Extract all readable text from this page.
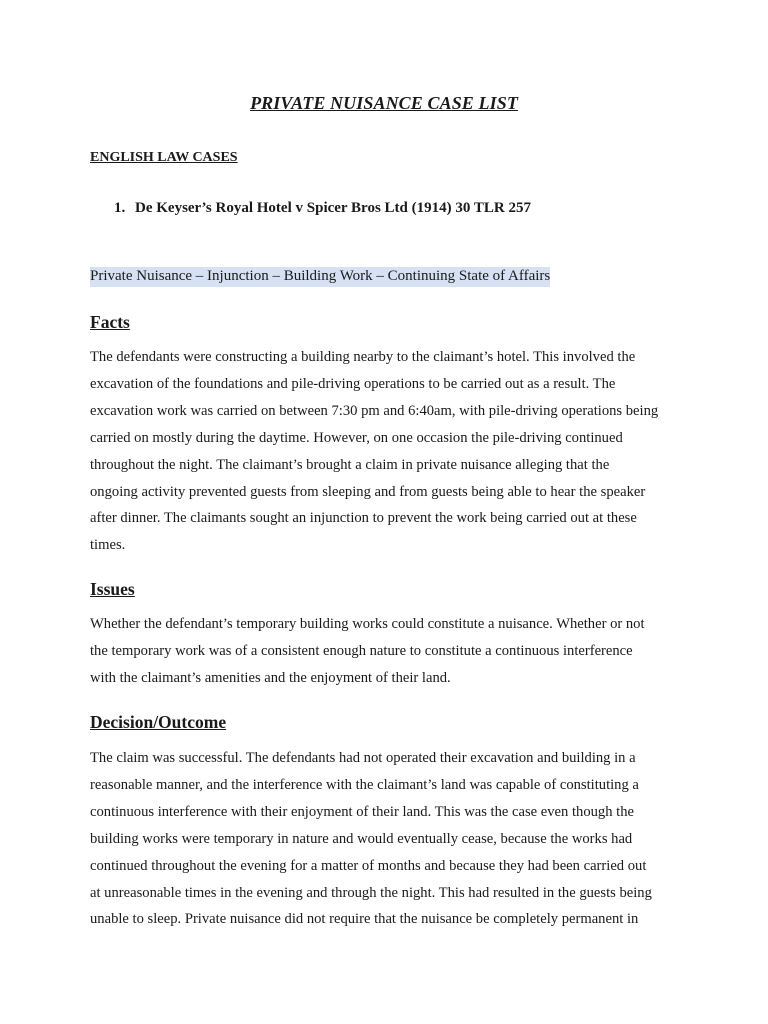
PRIVATE NUISANCE CASE LIST

ENGLISH LAW CASES

1. De Keyser’s Royal Hotel v Spicer Bros Ltd (1914) 30 TLR 257

Private Nuisance – Injunction – Building Work – Continuing State of Affairs

Facts
The defendants were constructing a building nearby to the claimant’s hotel. This involved the
excavation of the foundations and pile-driving operations to be carried out as a result. The
excavation work was carried on between 7:30 pm and 6:40am, with pile-driving operations being
carried on mostly during the daytime. However, on one occasion the pile-driving continued
throughout the night. The claimant’s brought a claim in private nuisance alleging that the
ongoing activity prevented guests from sleeping and from guests being able to hear the speaker
after dinner. The claimants sought an injunction to prevent the work being carried out at these
times.
Issues
Whether the defendant’s temporary building works could constitute a nuisance. Whether or not
the temporary work was of a consistent enough nature to constitute a continuous interference
with the claimant’s amenities and the enjoyment of their land.
Decision/Outcome
The claim was successful. The defendants had not operated their excavation and building in a
reasonable manner, and the interference with the claimant’s land was capable of constituting a
continuous interference with their enjoyment of their land. This was the case even though the
building works were temporary in nature and would eventually cease, because the works had
continued throughout the evening for a matter of months and because they had been carried out
at unreasonable times in the evening and through the night. This had resulted in the guests being
unable to sleep. Private nuisance did not require that the nuisance be completely permanent in
